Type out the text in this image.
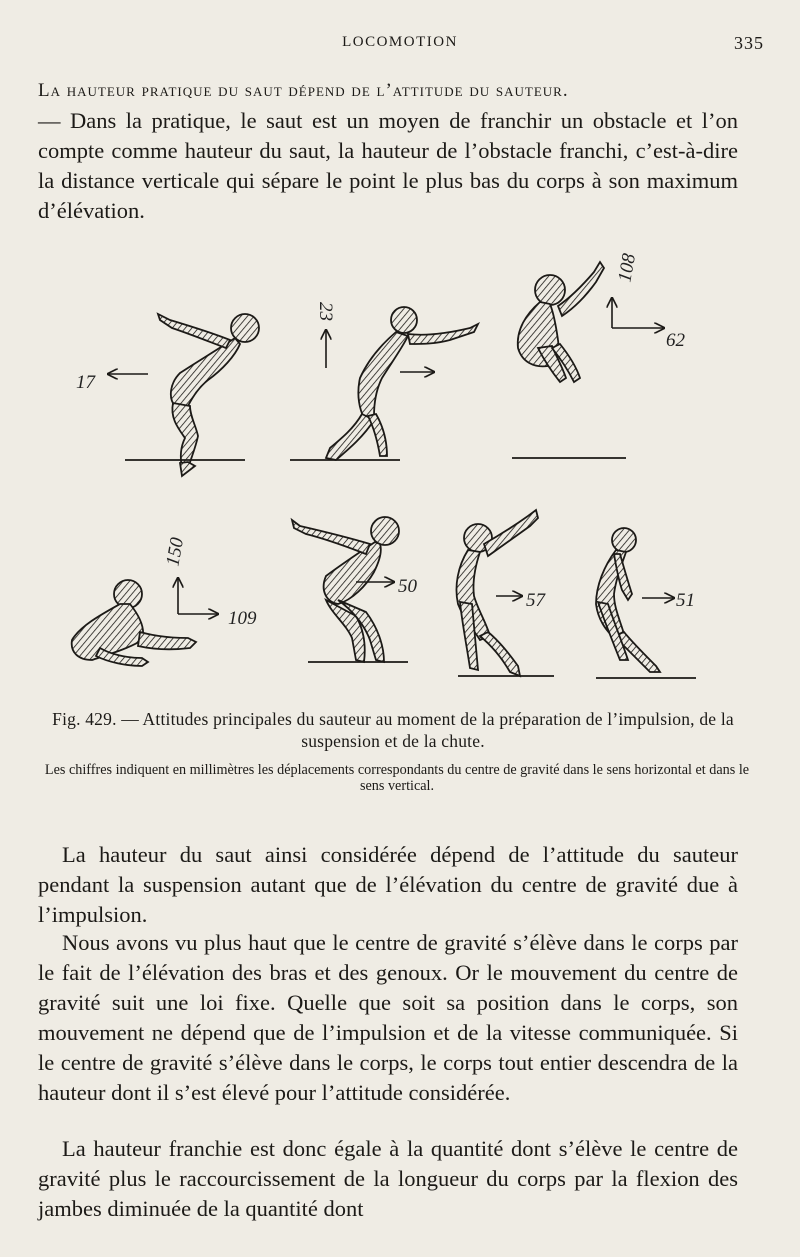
LOCOMOTION	335

La hauteur pratique du saut dépend de l’attitude du sauteur.
— Dans la pratique, le saut est un moyen de franchir un obstacle et l’on compte comme hauteur du saut, la hauteur de l’obstacle franchi, c’est-à-dire la distance verticale qui sépare le point le plus bas du corps à son maximum d’élévation.

17
23
108
62
150
109
50
57	51

Fig. 429. — Attitudes principales du sauteur au moment de la préparation de l’impulsion, de la suspension et de la chute.

Les chiffres indiquent en millimètres les déplacements correspondants du centre de gravité dans le sens horizontal et dans le sens vertical.

La hauteur du saut ainsi considérée dépend de l’attitude du sauteur pendant la suspension autant que de l’élévation du centre de gravité due à l’impulsion.

Nous avons vu plus haut que le centre de gravité s’élève dans le corps par le fait de l’élévation des bras et des genoux. Or le mouvement du centre de gravité suit une loi fixe. Quelle que soit sa position dans le corps, son mouvement ne dépend que de l’impulsion et de la vitesse communiquée. Si le centre de gravité s’élève dans le corps, le corps tout entier descendra de la hauteur dont il s’est élevé pour l’attitude considérée.

La hauteur franchie est donc égale à la quantité dont s’élève le centre de gravité plus le raccourcissement de la longueur du corps par la flexion des jambes diminuée de la quantité dont
